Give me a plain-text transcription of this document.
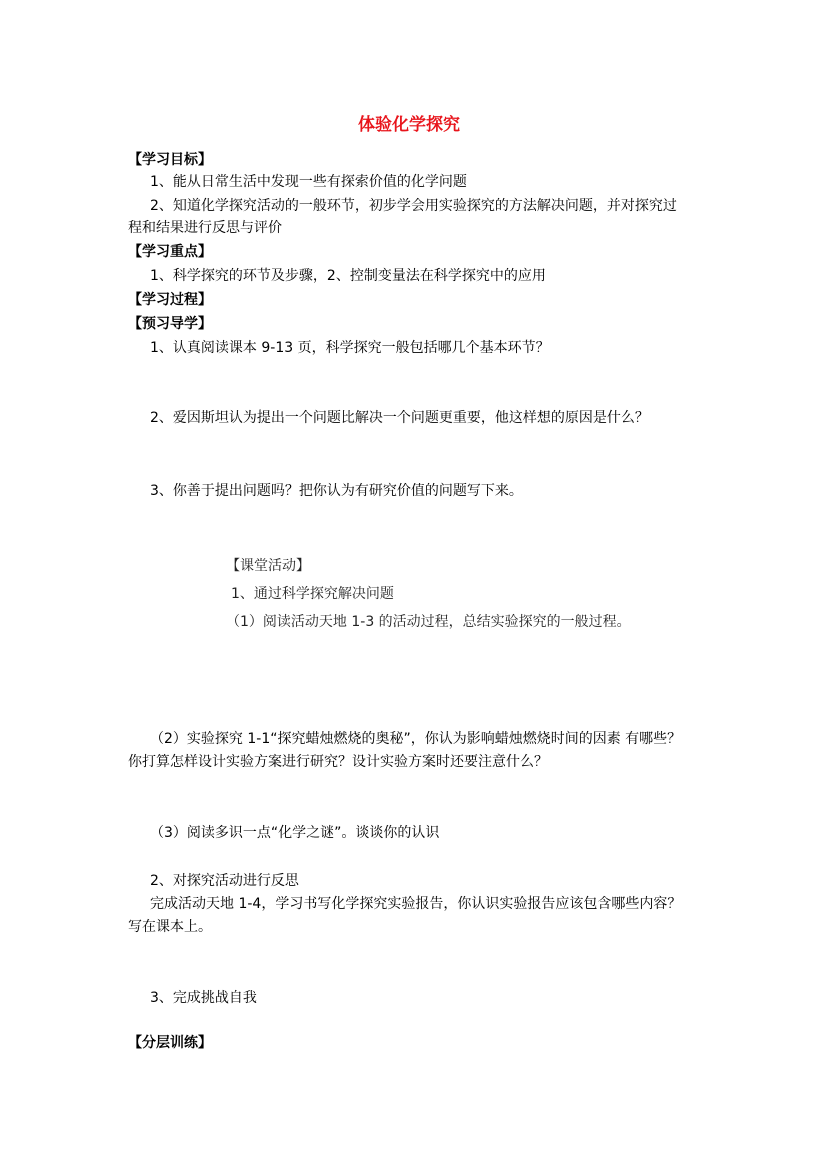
体验化学探究
【学习目标】
1、能从日常生活中发现一些有探索价值的化学问题
2、知道化学探究活动的一般环节，初步学会用实验探究的方法解决问题，并对探究过
程和结果进行反思与评价
【学习重点】
1、科学探究的环节及步骤，2、控制变量法在科学探究中的应用
【学习过程】
【预习导学】
1、认真阅读课本 9-13 页，科学探究一般包括哪几个基本环节？
2、爱因斯坦认为提出一个问题比解决一个问题更重要，他这样想的原因是什么？
3、你善于提出问题吗？把你认为有研究价值的问题写下来。
【课堂活动】
1、通过科学探究解决问题
（1）阅读活动天地 1-3 的活动过程，总结实验探究的一般过程。
（2）实验探究 1-1“探究蜡烛燃烧的奥秘”，你认为影响蜡烛燃烧时间的因素 有哪些？
你打算怎样设计实验方案进行研究？设计实验方案时还要注意什么？
（3）阅读多识一点“化学之谜”。谈谈你的认识
2、对探究活动进行反思
完成活动天地 1-4，学习书写化学探究实验报告，你认识实验报告应该包含哪些内容？
写在课本上。
3、完成挑战自我
【分层训练】
